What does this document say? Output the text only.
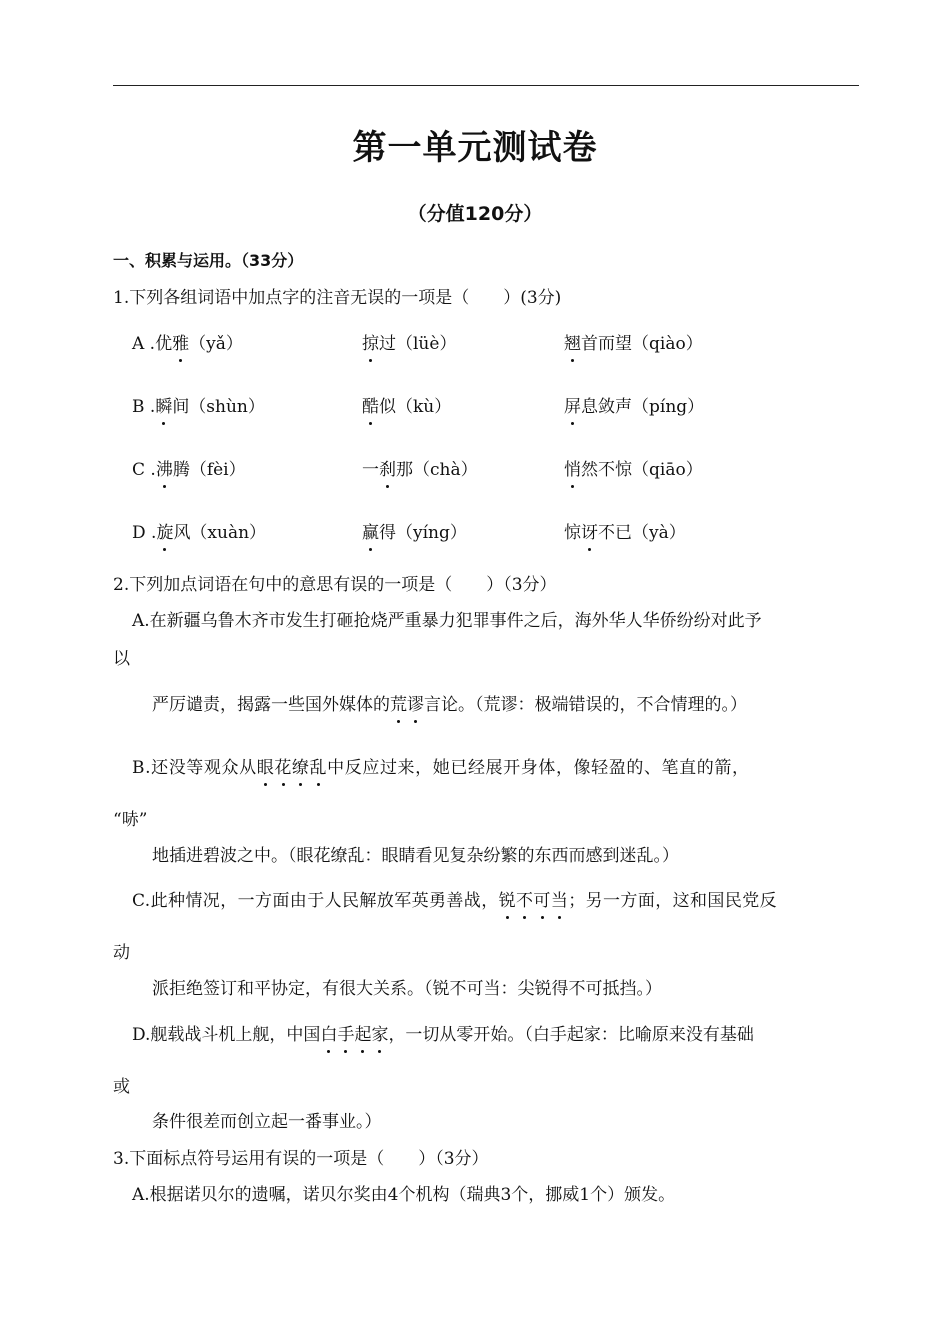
第一单元测试卷
（分值120分）
一、积累与运用。（33分）
1.下列各组词语中加点字的注音无误的一项是（　　）(3分)
A .优雅（yǎ）	掠过（lüè）	翘首而望（qiào）
B .瞬间（shùn）	酷似（kù）	屏息敛声（píng）
C .沸腾（fèi）	一刹那（chà）	悄然不惊（qiāo）
D .旋风（xuàn）	赢得（yíng）	惊讶不已（yà）
2.下列加点词语在句中的意思有误的一项是（　　）（3分）
A.在新疆乌鲁木齐市发生打砸抢烧严重暴力犯罪事件之后，海外华人华侨纷纷对此予
以
严厉谴责，揭露一些国外媒体的荒谬言论。（荒谬：极端错误的，不合情理的。）
B.还没等观众从眼花缭乱中反应过来，她已经展开身体，像轻盈的、笔直的箭，
“哧”
地插进碧波之中。（眼花缭乱：眼睛看见复杂纷繁的东西而感到迷乱。）
C.此种情况，一方面由于人民解放军英勇善战，锐不可当；另一方面，这和国民党反
动
派拒绝签订和平协定，有很大关系。（锐不可当：尖锐得不可抵挡。）
D.舰载战斗机上舰，中国白手起家，一切从零开始。（白手起家：比喻原来没有基础
或
条件很差而创立起一番事业。）
3.下面标点符号运用有误的一项是（　　）（3分）
A.根据诺贝尔的遗嘱，诺贝尔奖由4个机构（瑞典3个，挪威1个）颁发。
